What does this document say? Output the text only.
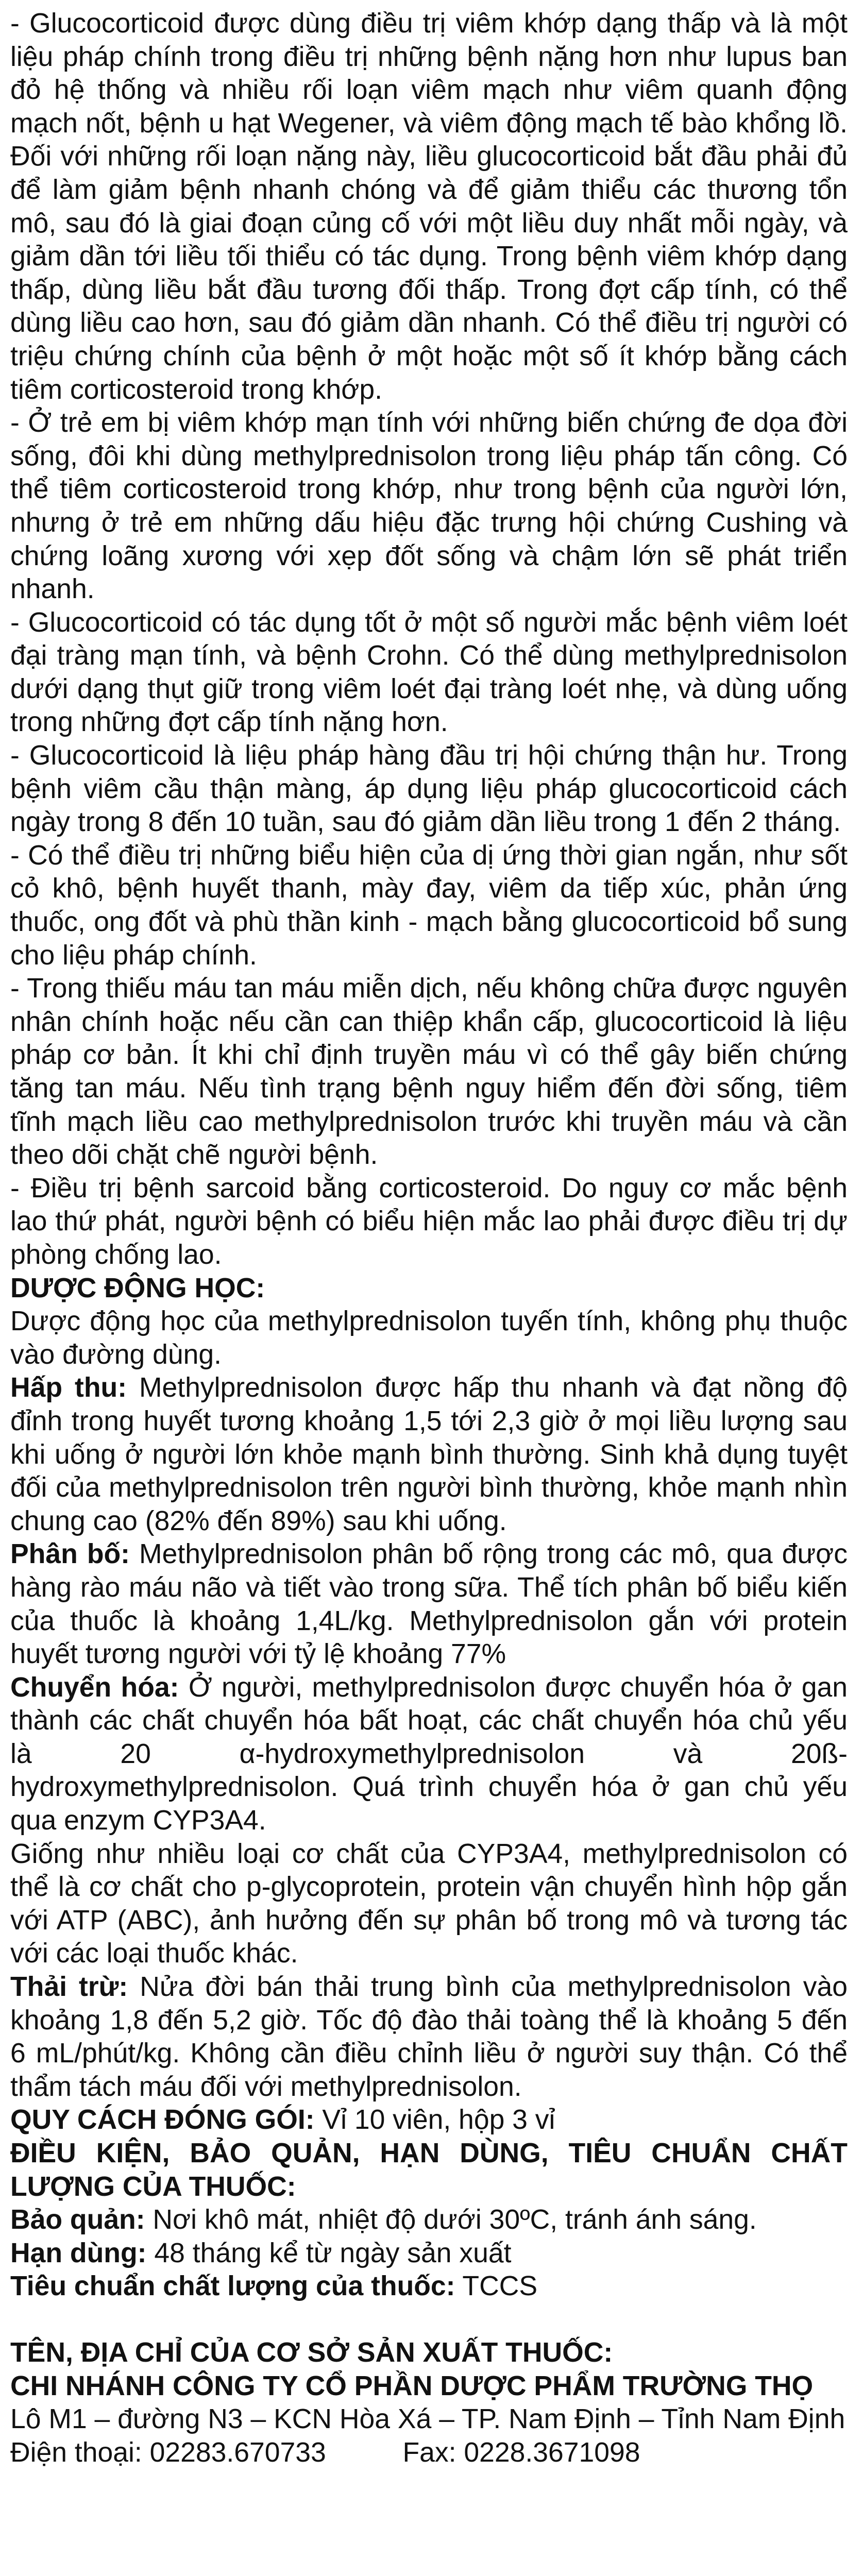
- Glucocorticoid được dùng điều trị viêm khớp dạng thấp và là một liệu pháp chính trong điều trị những bệnh nặng hơn như lupus ban đỏ hệ thống và nhiều rối loạn viêm mạch như viêm quanh động mạch nốt, bệnh u hạt Wegener, và viêm động mạch tế bào khổng lồ. Đối với những rối loạn nặng này, liều glucocorticoid bắt đầu phải đủ để làm giảm bệnh nhanh chóng và để giảm thiểu các thương tổn mô, sau đó là giai đoạn củng cố với một liều duy nhất mỗi ngày, và giảm dần tới liều tối thiểu có tác dụng. Trong bệnh viêm khớp dạng thấp, dùng liều bắt đầu tương đối thấp. Trong đợt cấp tính, có thể dùng liều cao hơn, sau đó giảm dần nhanh. Có thể điều trị người có triệu chứng chính của bệnh ở một hoặc một số ít khớp bằng cách tiêm corticosteroid trong khớp.

- Ở trẻ em bị viêm khớp mạn tính với những biến chứng đe dọa đời sống, đôi khi dùng methylprednisolon trong liệu pháp tấn công. Có thể tiêm corticosteroid trong khớp, như trong bệnh của người lớn, nhưng ở trẻ em những dấu hiệu đặc trưng hội chứng Cushing và chứng loãng xương với xẹp đốt sống và chậm lớn sẽ phát triển nhanh.

- Glucocorticoid có tác dụng tốt ở một số người mắc bệnh viêm loét đại tràng mạn tính, và bệnh Crohn. Có thể dùng methylprednisolon dưới dạng thụt giữ trong viêm loét đại tràng loét nhẹ, và dùng uống trong những đợt cấp tính nặng hơn.

- Glucocorticoid là liệu pháp hàng đầu trị hội chứng thận hư. Trong bệnh viêm cầu thận màng, áp dụng liệu pháp glucocorticoid cách ngày trong 8 đến 10 tuần, sau đó giảm dần liều trong 1 đến 2 tháng.

- Có thể điều trị những biểu hiện của dị ứng thời gian ngắn, như sốt cỏ khô, bệnh huyết thanh, mày đay, viêm da tiếp xúc, phản ứng thuốc, ong đốt và phù thần kinh - mạch bằng glucocorticoid bổ sung cho liệu pháp chính.

- Trong thiếu máu tan máu miễn dịch, nếu không chữa được nguyên nhân chính hoặc nếu cần can thiệp khẩn cấp, glucocorticoid là liệu pháp cơ bản. Ít khi chỉ định truyền máu vì có thể gây biến chứng tăng tan máu. Nếu tình trạng bệnh nguy hiểm đến đời sống, tiêm tĩnh mạch liều cao methylprednisolon trước khi truyền máu và cần theo dõi chặt chẽ người bệnh.

- Điều trị bệnh sarcoid bằng corticosteroid. Do nguy cơ mắc bệnh lao thứ phát, người bệnh có biểu hiện mắc lao phải được điều trị dự phòng chống lao.

DƯỢC ĐỘNG HỌC:

Dược động học của methylprednisolon tuyến tính, không phụ thuộc vào đường dùng.

Hấp thu: Methylprednisolon được hấp thu nhanh và đạt nồng độ đỉnh trong huyết tương khoảng 1,5 tới 2,3 giờ ở mọi liều lượng sau khi uống ở người lớn khỏe mạnh bình thường. Sinh khả dụng tuyệt đối của methylprednisolon trên người bình thường, khỏe mạnh nhìn chung cao (82% đến 89%) sau khi uống.

Phân bố: Methylprednisolon phân bố rộng trong các mô, qua được hàng rào máu não và tiết vào trong sữa. Thể tích phân bố biểu kiến của thuốc là khoảng 1,4L/kg. Methylprednisolon gắn với protein huyết tương người với tỷ lệ khoảng 77%

Chuyển hóa: Ở người, methylprednisolon được chuyển hóa ở gan thành các chất chuyển hóa bất hoạt, các chất chuyển hóa chủ yếu là 20 α-hydroxymethylprednisolon và 20ß- hydroxymethylprednisolon. Quá trình chuyển hóa ở gan chủ yếu qua enzym CYP3A4.

Giống như nhiều loại cơ chất của CYP3A4, methylprednisolon có thể là cơ chất cho p-glycoprotein, protein vận chuyển hình hộp gắn với ATP (ABC), ảnh hưởng đến sự phân bố trong mô và tương tác với các loại thuốc khác.

Thải trừ: Nửa đời bán thải trung bình của methylprednisolon vào khoảng 1,8 đến 5,2 giờ. Tốc độ đào thải toàng thể là khoảng 5 đến 6 mL/phút/kg. Không cần điều chỉnh liều ở người suy thận. Có thể thẩm tách máu đối với methylprednisolon.

QUY CÁCH ĐÓNG GÓI: Vỉ 10 viên, hộp 3 vỉ

ĐIỀU KIỆN, BẢO QUẢN, HẠN DÙNG, TIÊU CHUẨN CHẤT LƯỢNG CỦA THUỐC:

Bảo quản: Nơi khô mát, nhiệt độ dưới 30ºC, tránh ánh sáng.

Hạn dùng: 48 tháng kể từ ngày sản xuất

Tiêu chuẩn chất lượng của thuốc: TCCS

TÊN, ĐỊA CHỈ CỦA CƠ SỞ SẢN XUẤT THUỐC:

CHI NHÁNH CÔNG TY CỔ PHẦN DƯỢC PHẨM TRƯỜNG THỌ

Lô M1 – đường N3 – KCN Hòa Xá – TP. Nam Định – Tỉnh Nam Định

Điện thoại: 02283.670733	Fax: 0228.3671098
